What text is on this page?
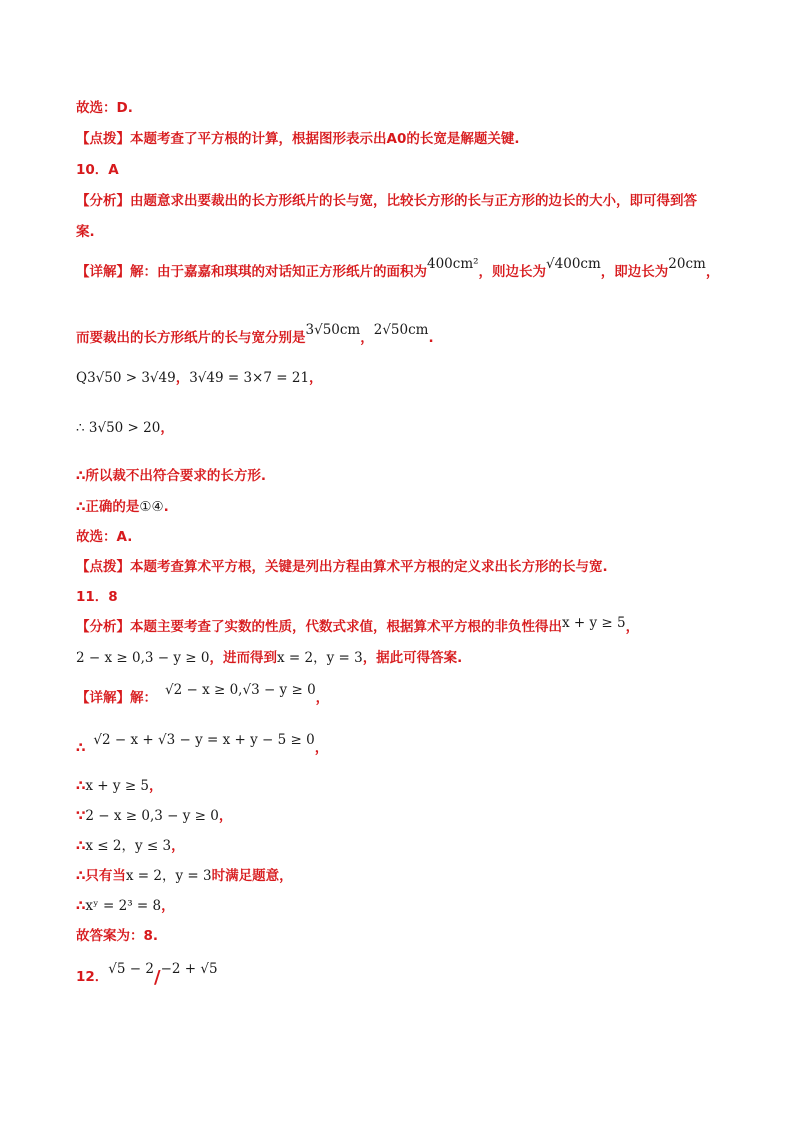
故选：D.
【点拨】本题考查了平方根的计算，根据图形表示出A0的长宽是解题关键.
10．A
【分析】由题意求出要裁出的长方形纸片的长与宽，比较长方形的长与正方形的边长的大小，即可得到答
案.
【详解】解：由于嘉嘉和琪琪的对话知正方形纸片的面积为400cm²，则边长为√400cm，即边长为20cm，
而要裁出的长方形纸片的长与宽分别是3√50cm，2√50cm.
Q3√50 > 3√49，3√49 = 3×7 = 21，
∴ 3√50 > 20，
∴所以裁不出符合要求的长方形.
∴正确的是①④.
故选：A.
【点拨】本题考查算术平方根，关键是列出方程由算术平方根的定义求出长方形的长与宽.
11．8
【分析】本题主要考查了实数的性质，代数式求值，根据算术平方根的非负性得出x + y ≥ 5，
2 − x ≥ 0,3 − y ≥ 0，进而得到x = 2，y = 3，据此可得答案.
【详解】解： √2 − x ≥ 0,√3 − y ≥ 0，
∴ √2 − x + √3 − y = x + y − 5 ≥ 0，
∴x + y ≥ 5，
∵2 − x ≥ 0,3 − y ≥ 0，
∴x ≤ 2，y ≤ 3，
∴只有当x = 2，y = 3时满足题意，
∴xʸ = 2³ = 8，
故答案为：8.
12．√5 − 2/−2 + √5
